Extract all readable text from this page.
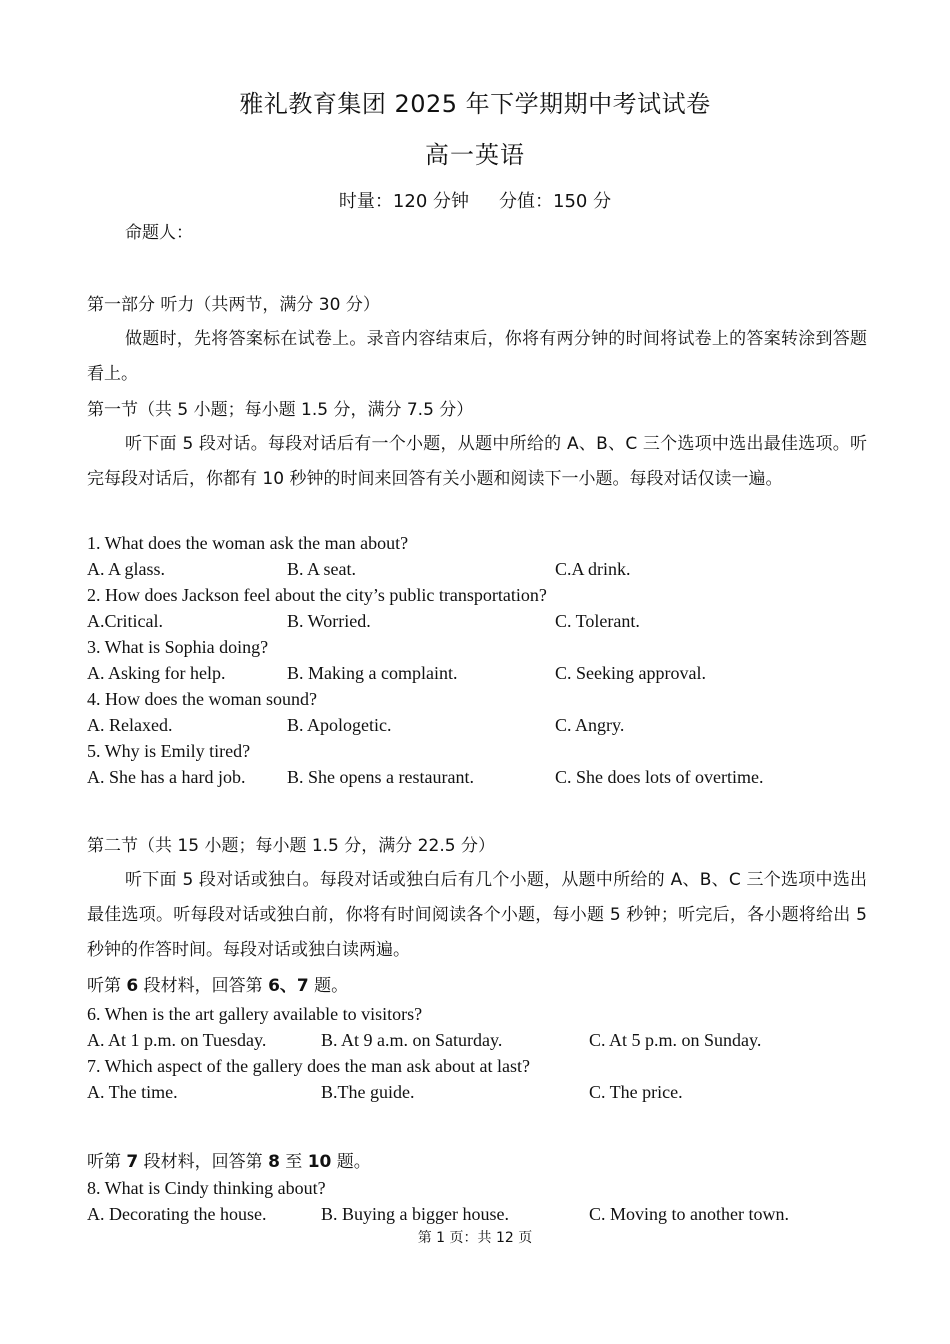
雅礼教育集团 2025 年下学期期中考试试卷
高一英语
时量：120 分钟 分值：150 分
命题人：
第一部分 听力（共两节，满分 30 分）
做题时，先将答案标在试卷上。录音内容结束后，你将有两分钟的时间将试卷上的答案转涂到答题看上。
第一节（共 5 小题；每小题 1.5 分，满分 7.5 分）
听下面 5 段对话。每段对话后有一个小题，从题中所给的 A、B、C 三个选项中选出最佳选项。听完每段对话后，你都有 10 秒钟的时间来回答有关小题和阅读下一小题。每段对话仅读一遍。
1. What does the woman ask the man about?
A. A glass.	B. A seat.	C.A drink.
2. How does Jackson feel about the city’s public transportation?
A.Critical.	B. Worried.	C. Tolerant.
3. What is Sophia doing?
A. Asking for help.	B. Making a complaint.	C. Seeking approval.
4. How does the woman sound?
A. Relaxed.	B. Apologetic.	C. Angry.
5. Why is Emily tired?
A. She has a hard job. B. She opens a restaurant.	C. She does lots of overtime.
第二节（共 15 小题；每小题 1.5 分，满分 22.5 分）
听下面 5 段对话或独白。每段对话或独白后有几个小题，从题中所给的 A、B、C 三个选项中选出最佳选项。听每段对话或独白前，你将有时间阅读各个小题，每小题 5 秒钟；听完后，各小题将给出 5 秒钟的作答时间。每段对话或独白读两遍。
听第 6 段材料，回答第 6、7 题。
6. When is the art gallery available to visitors?
A. At 1 p.m. on Tuesday.	B. At 9 a.m. on Saturday.	C. At 5 p.m. on Sunday.
7. Which aspect of the gallery does the man ask about at last?
A. The time.	B.The guide.	C. The price.
听第 7 段材料，回答第 8 至 10 题。
8. What is Cindy thinking about?
A. Decorating the house.	B. Buying a bigger house.	C. Moving to another town.
第 1 页：共 12 页
